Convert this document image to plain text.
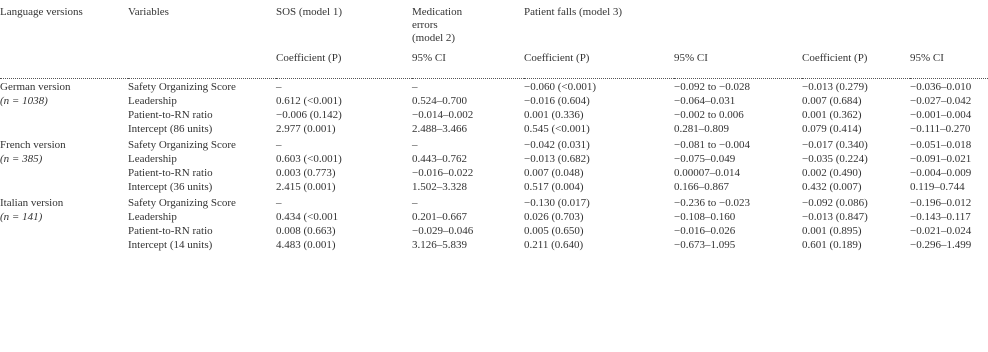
Language versions	Variables	SOS (model 1)	Medication
errors
(model 2)	Patient falls (model 3)			
		Coefficient (P)	95% CI	Coefficient (P)	95% CI	Coefficient (P)	95% CI
German version	Safety Organizing Score	–	–	−0.060 (<0.001)	−0.092 to −0.028	−0.013 (0.279)	−0.036–0.010
(n = 1038)	Leadership	0.612 (<0.001)	0.524–0.700	−0.016 (0.604)	−0.064–0.031	0.007 (0.684)	−0.027–0.042
	Patient-to-RN ratio	−0.006 (0.142)	−0.014–0.002	0.001 (0.336)	−0.002 to 0.006	0.001 (0.362)	−0.001–0.004
	Intercept (86 units)	2.977 (0.001)	2.488–3.466	0.545 (<0.001)	0.281–0.809	0.079 (0.414)	−0.111–0.270
French version	Safety Organizing Score	–	–	−0.042 (0.031)	−0.081 to −0.004	−0.017 (0.340)	−0.051–0.018
(n = 385)	Leadership	0.603 (<0.001)	0.443–0.762	−0.013 (0.682)	−0.075–0.049	−0.035 (0.224)	−0.091–0.021
	Patient-to-RN ratio	0.003 (0.773)	−0.016–0.022	0.007 (0.048)	0.00007–0.014	0.002 (0.490)	−0.004–0.009
	Intercept (36 units)	2.415 (0.001)	1.502–3.328	0.517 (0.004)	0.166–0.867	0.432 (0.007)	0.119–0.744
Italian version	Safety Organizing Score	–	–	−0.130 (0.017)	−0.236 to −0.023	−0.092 (0.086)	−0.196–0.012
(n = 141)	Leadership	0.434 (<0.001	0.201–0.667	0.026 (0.703)	−0.108–0.160	−0.013 (0.847)	−0.143–0.117
	Patient-to-RN ratio	0.008 (0.663)	−0.029–0.046	0.005 (0.650)	−0.016–0.026	0.001 (0.895)	−0.021–0.024
	Intercept (14 units)	4.483 (0.001)	3.126–5.839	0.211 (0.640)	−0.673–1.095	0.601 (0.189)	−0.296–1.499
